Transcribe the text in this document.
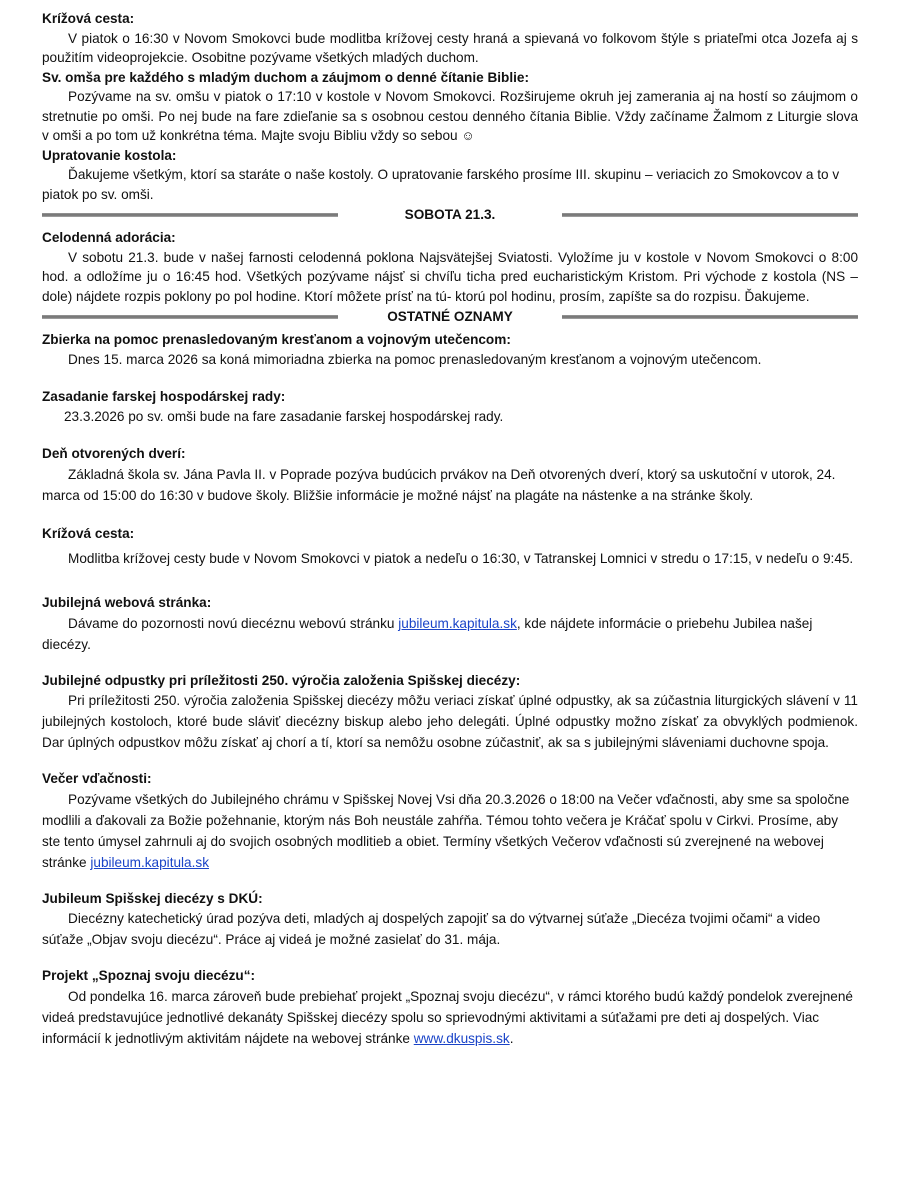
Krížová cesta:

V piatok o 16:30 v Novom Smokovci bude modlitba krížovej cesty hraná a spievaná vo folkovom štýle s priateľmi otca Jozefa aj s použitím videoprojekcie. Osobitne pozývame všetkých mladých duchom.

Sv. omša pre každého s mladým duchom a záujmom o denné čítanie Biblie:

Pozývame na sv. omšu v piatok o 17:10 v kostole v Novom Smokovci. Rozširujeme okruh jej zamerania aj na hostí so záujmom o stretnutie po omši. Po nej bude na fare zdieľanie sa s osobnou cestou denného čítania Biblie. Vždy začíname Žalmom z Liturgie slova v omši a po tom už konkrétna téma. Majte svoju Bibliu vždy so sebou ☺

Upratovanie kostola:

Ďakujeme všetkým, ktorí sa staráte o naše kostoly. O upratovanie farského prosíme III. skupinu – veriacich zo Smokovcov a to v piatok po sv. omši.

SOBOTA 21.3.

Celodenná adorácia:

V sobotu 21.3. bude v našej farnosti celodenná poklona Najsvätejšej Sviatosti. Vyložíme ju v kostole v Novom Smokovci o 8:00 hod. a odložíme ju o 16:45 hod. Všetkých pozývame nájsť si chvíľu ticha pred eucharistickým Kristom. Pri východe z kostola (NS – dole) nájdete rozpis poklony po pol hodine. Ktorí môžete prísť na tú- ktorú pol hodinu, prosím, zapíšte sa do rozpisu. Ďakujeme.

OSTATNÉ OZNAMY

Zbierka na pomoc prenasledovaným kresťanom a vojnovým utečencom:

Dnes 15. marca 2026 sa koná mimoriadna zbierka na pomoc prenasledovaným kresťanom a vojnovým utečencom.

Zasadanie farskej hospodárskej rady:

23.3.2026 po sv. omši bude na fare zasadanie farskej hospodárskej rady.

Deň otvorených dverí:

Základná škola sv. Jána Pavla II. v Poprade pozýva budúcich prvákov na Deň otvorených dverí, ktorý sa uskutoční v utorok, 24. marca od 15:00 do 16:30 v budove školy. Bližšie informácie je možné nájsť na plagáte na nástenke a na stránke školy.

Krížová cesta:

Modlitba krížovej cesty bude v Novom Smokovci v piatok a nedeľu o 16:30, v Tatranskej Lomnici v stredu o 17:15, v nedeľu o 9:45.

Jubilejná webová stránka:

Dávame do pozornosti novú diecéznu webovú stránku jubileum.kapitula.sk, kde nájdete informácie o priebehu Jubilea našej diecézy.

Jubilejné odpustky pri príležitosti 250. výročia založenia Spišskej diecézy:

Pri príležitosti 250. výročia založenia Spišskej diecézy môžu veriaci získať úplné odpustky, ak sa zúčastnia liturgických slávení v 11 jubilejných kostoloch, ktoré bude sláviť diecézny biskup alebo jeho delegáti. Úplné odpustky možno získať za obvyklých podmienok. Dar úplných odpustkov môžu získať aj chorí a tí, ktorí sa nemôžu osobne zúčastniť, ak sa s jubilejnými sláveniami duchovne spoja.

Večer vďačnosti:

Pozývame všetkých do Jubilejného chrámu v Spišskej Novej Vsi dňa 20.3.2026 o 18:00 na Večer vďačnosti, aby sme sa spoločne modlili a ďakovali za Božie požehnanie, ktorým nás Boh neustále zahŕňa. Témou tohto večera je Kráčať spolu v Cirkvi. Prosíme, aby ste tento úmysel zahrnuli aj do svojich osobných modlitieb a obiet. Termíny všetkých Večerov vďačnosti sú zverejnené na webovej stránke jubileum.kapitula.sk

Jubileum Spišskej diecézy s DKÚ:

Diecézny katechetický úrad pozýva deti, mladých aj dospelých zapojiť sa do výtvarnej súťaže „Diecéza tvojimi očami“ a video súťaže „Objav svoju diecézu“. Práce aj videá je možné zasielať do 31. mája.

Projekt „Spoznaj svoju diecézu“:

Od pondelka 16. marca zároveň bude prebiehať projekt „Spoznaj svoju diecézu“, v rámci ktorého budú každý pondelok zverejnené videá predstavujúce jednotlivé dekanáty Spišskej diecézy spolu so sprievodnými aktivitami a súťažami pre deti aj dospelých. Viac informácií k jednotlivým aktivitám nájdete na webovej stránke www.dkuspis.sk.
